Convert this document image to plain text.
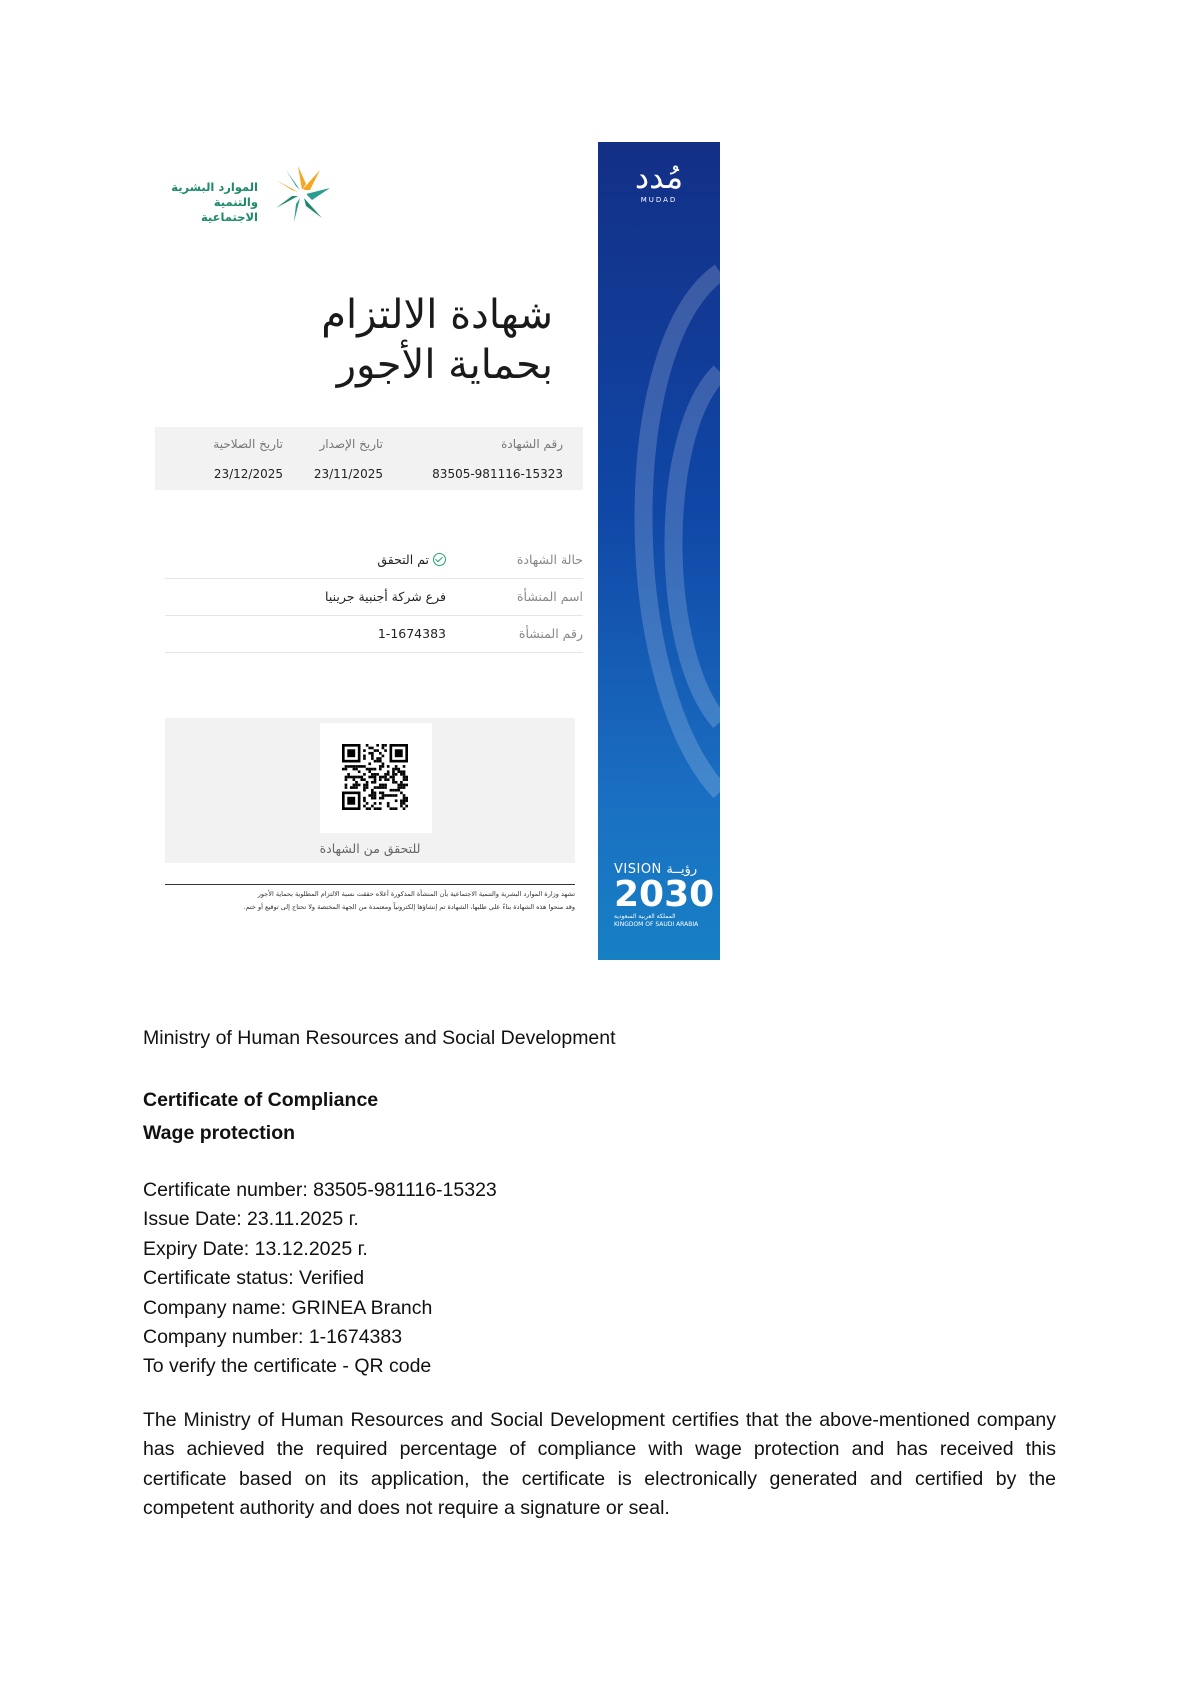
الموارد البشرية
والتنمية الاجتماعية
شهادة الالتزام
بحماية الأجور
رقم الشهادة
83505-981116-15323
تاريخ الإصدار
23/11/2025
تاريخ الصلاحية
23/12/2025
حالة الشهادة
تم التحقق
اسم المنشأة
فرع شركة أجنبية جرينيا
رقم المنشأة
1-1674383
للتحقق من الشهادة
تشهد وزارة الموارد البشرية والتنمية الاجتماعية بأن المنشأة المذكورة أعلاه حققت نسبة الالتزام المطلوبة بحماية الأجور
وقد منحوا هذه الشهادة بناءً على طلبها، الشهادة تم إنشاؤها إلكترونياً ومعتمدة من الجهة المختصة ولا تحتاج إلى توقيع أو ختم.
مُدد
MUDAD
VISION رؤيــة
2030
المملكة العربية السعودية
KINGDOM OF SAUDI ARABIA
Ministry of Human Resources and Social Development
Certificate of Compliance
Wage protection
Certificate number: 83505-981116-15323
Issue Date: 23.11.2025 г.
Expiry Date: 13.12.2025 г.
Certificate status: Verified
Company name: GRINEA Branch
Company number: 1-1674383
To verify the certificate - QR code
The Ministry of Human Resources and Social Development certifies that the above-mentioned company has achieved the required percentage of compliance with wage protection and has received this certificate based on its application, the certificate is electronically generated and certified by the competent authority and does not require a signature or seal.
